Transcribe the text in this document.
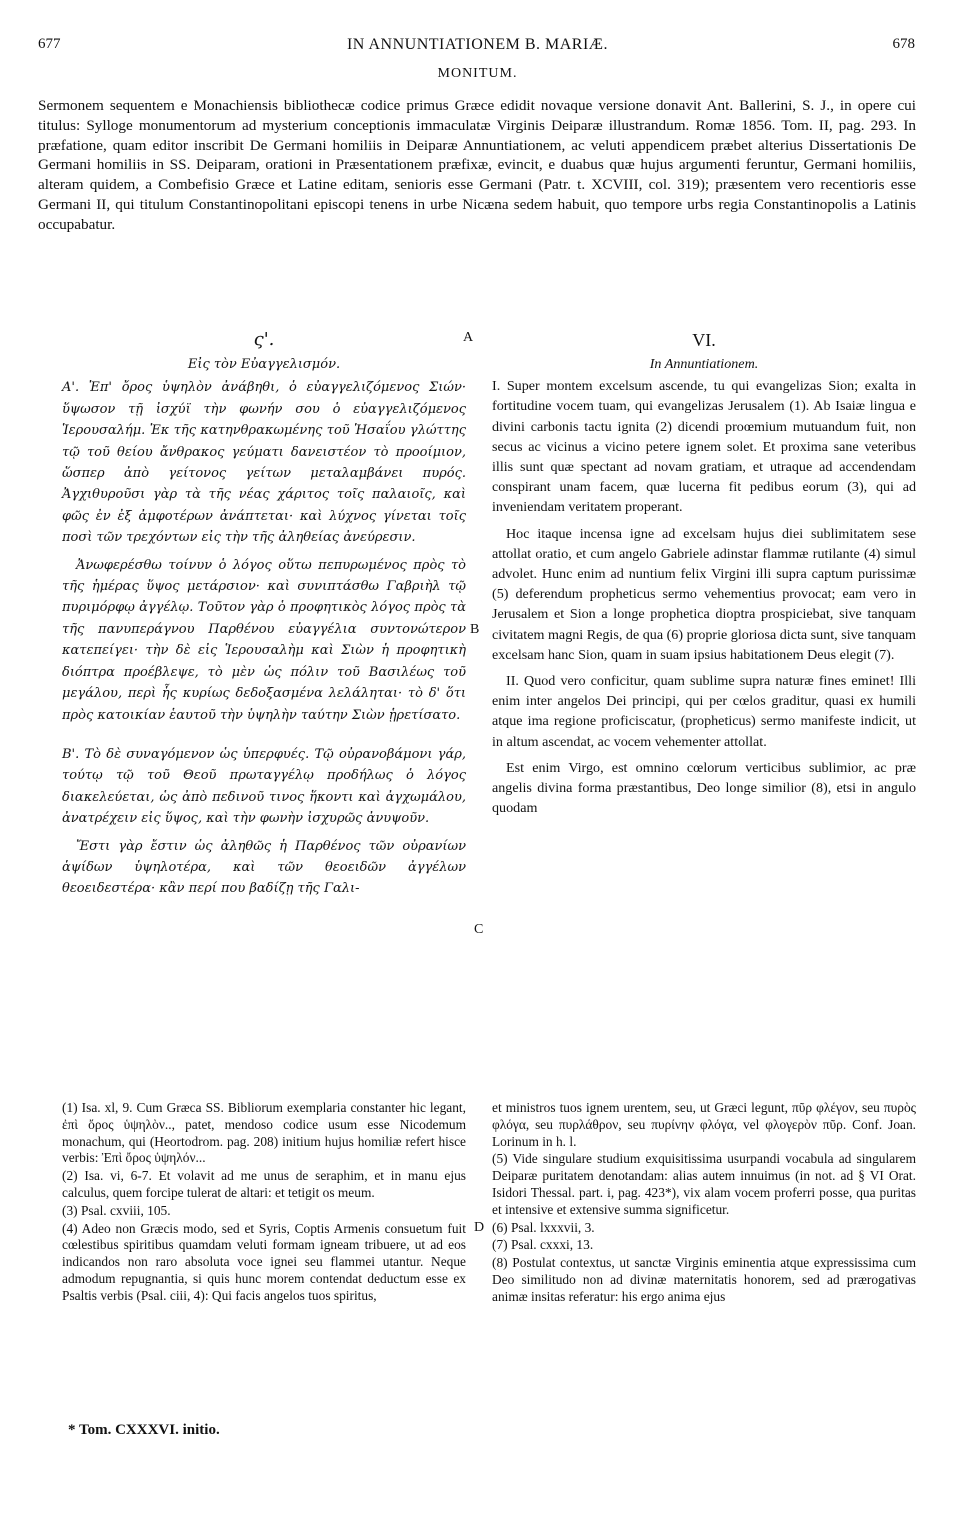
677	IN ANNUNTIATIONEM B. MARIÆ.	678
MONITUM.
Sermonem sequentem e Monachiensis bibliothecæ codice primus Græce edidit novaque versione donavit Ant. Ballerini, S. J., in opere cui titulus: Sylloge monumentorum ad mysterium conceptionis immaculatæ Virginis Deiparæ illustrandum. Romæ 1856. Tom. II, pag. 293. In præfatione, quam editor inscribit De Germani homiliis in Deiparæ Annuntiationem, ac veluti appendicem præbet alterius Dissertationis De Germani homiliis in SS. Deiparam, orationi in Præsentationem præfixæ, evincit, e duabus quæ hujus argumenti feruntur, Germani homiliis, alteram quidem, a Combefisio Græce et Latine editam, senioris esse Germani (Patr. t. XCVIII, col. 319); præsentem vero recentioris esse Germani II, qui titulum Constantinopolitani episcopi tenens in urbe Nicæna sedem habuit, quo tempore urbs regia Constantinopolis a Latinis occupabatur.
ς'.
Εἰς τὸν Εὐαγγελισμόν.

Α'. Ἐπ' ὄρος ὑψηλὸν ἀνάβηθι, ὁ εὐαγγελιζόμενος Σιών· ὕψωσον τῇ ἰσχύϊ τὴν φωνήν σου ὁ εὐαγγελιζόμενος Ἱερουσαλήμ. Ἐκ τῆς κατηνθρακωμένης τοῦ Ἡσαΐου γλώττης τῷ τοῦ θείου ἄνθρακος γεύματι δανειστέον τὸ προοίμιον, ὥσπερ ἀπὸ γείτονος γείτων μεταλαμβάνει πυρός. Ἀγχιθυροῦσι γὰρ τὰ τῆς νέας χάριτος τοῖς παλαιοῖς, καὶ φῶς ἐν ἐξ ἀμφοτέρων ἀνάπτεται· καὶ λύχνος γίνεται τοῖς ποσὶ τῶν τρεχόντων εἰς τὴν τῆς ἀληθείας ἀνεύρεσιν.

Ἀνωφερέσθω τοίνυν ὁ λόγος οὕτω πεπυρωμένος πρὸς τὸ τῆς ἡμέρας ὕψος μετάρσιον· καὶ συνιπτάσθω Γαβριὴλ τῷ πυριμόρφῳ ἀγγέλῳ. Τοῦτον γὰρ ὁ προφητικὸς λόγος πρὸς τὰ τῆς πανυπεράγνου Παρθένου εὐαγγέλια συντονώτερον κατεπείγει· τὴν δὲ εἰς Ἱερουσαλὴμ καὶ Σιὼν ἡ προφητικὴ διόπτρα προέβλεψε, τὸ μὲν ὡς πόλιν τοῦ Βασιλέως τοῦ μεγάλου, περὶ ἧς κυρίως δεδοξασμένα λελάληται· τὸ δ' ὅτι πρὸς κατοικίαν ἑαυτοῦ τὴν ὑψηλὴν ταύτην Σιὼν ᾑρετίσατο.

Β'. Τὸ δὲ συναγόμενον ὡς ὑπερφυές. Τῷ οὐρανοβάμονι γάρ, τούτῳ τῷ τοῦ Θεοῦ πρωταγγέλῳ προδήλως ὁ λόγος διακελεύεται, ὡς ἀπὸ πεδινοῦ τινος ἥκοντι καὶ ἀγχωμάλου, ἀνατρέχειν εἰς ὕψος, καὶ τὴν φωνὴν ἰσχυρῶς ἀνυψοῦν.

Ἔστι γὰρ ἔστιν ὡς ἀληθῶς ἡ Παρθένος τῶν οὐρανίων ἁψίδων ὑψηλοτέρα, καὶ τῶν θεοειδῶν ἀγγέλων θεοειδεστέρα· κἂν περί που βαδίζῃ τῆς Γαλι-

VI.
In Annuntiationem.

I. Super montem excelsum ascende, tu qui evangelizas Sion; exalta in fortitudine vocem tuam, qui evangelizas Jerusalem (1). Ab Isaiæ lingua e divini carbonis tactu ignita (2) dicendi proœmium mutuandum fuit, non secus ac vicinus a vicino petere ignem solet. Et proxima sane veteribus illis sunt quæ spectant ad novam gratiam, et utraque ad accendendam conspirant unam facem, quæ lucerna fit pedibus eorum (3), qui ad inveniendam veritatem properant.

Hoc itaque incensa igne ad excelsam hujus diei sublimitatem sese attollat oratio, et cum angelo Gabriele adinstar flammæ rutilante (4) simul advolet. Hunc enim ad nuntium felix Virgini illi supra captum purissimæ (5) deferendum propheticus sermo vehementius provocat; eam vero in Jerusalem et Sion a longe prophetica dioptra prospiciebat, sive tanquam civitatem magni Regis, de qua (6) proprie gloriosa dicta sunt, sive tanquam excelsam hanc Sion, quam in suam ipsius habitationem Deus elegit (7).

II. Quod vero conficitur, quam sublime supra naturæ fines eminet! Illi enim inter angelos Dei principi, qui per cœlos graditur, quasi ex humili atque ima regione proficiscatur, (propheticus) sermo manifeste indicit, ut in altum ascendat, ac vocem vehementer attollat.

Est enim Virgo, est omnino cœlorum verticibus sublimior, ac præ angelis divina forma præstantibus, Deo longe similior (8), etsi in angulo quodam

A
B
C
D
(1) Isa. xl, 9. Cum Græca SS. Bibliorum exemplaria constanter hic legant, ἐπὶ ὄρος ὑψηλὸν.., patet, mendoso codice usum esse Nicodemum monachum, qui (Heortodrom. pag. 208) initium hujus homiliæ refert hisce verbis: Ἐπὶ ὄρος ὑψηλόν...
(2) Isa. vi, 6-7. Et volavit ad me unus de seraphim, et in manu ejus calculus, quem forcipe tulerat de altari: et tetigit os meum.
(3) Psal. cxviii, 105.
(4) Adeo non Græcis modo, sed et Syris, Coptis Armenis consuetum fuit cœlestibus spiritibus quamdam veluti formam igneam tribuere, ut ad eos indicandos non raro absoluta voce ignei seu flammei utantur. Neque admodum repugnantia, si quis hunc morem contendat deductum esse ex Psaltis verbis (Psal. ciii, 4): Qui facis angelos tuos spiritus,
et ministros tuos ignem urentem, seu, ut Græci legunt, πῦρ φλέγον, seu πυρὸς φλόγα, seu πυρλάθρον, seu πυρίνην φλόγα, vel φλογερὸν πῦρ. Conf. Joan. Lorinum in h. l.
(5) Vide singulare studium exquisitissima usurpandi vocabula ad singularem Deiparæ puritatem denotandam: alias autem innuimus (in not. ad § VI Orat. Isidori Thessal. part. i, pag. 423*), vix alam vocem proferri posse, qua puritas et intensive et extensive summa significetur.
(6) Psal. lxxxvii, 3.
(7) Psal. cxxxi, 13.
(8) Postulat contextus, ut sanctæ Virginis eminentia atque expressissima cum Deo similitudo non ad divinæ maternitatis honorem, sed ad prærogativas animæ insitas referatur: his ergo anima ejus
* Tom. CXXXVI. initio.
